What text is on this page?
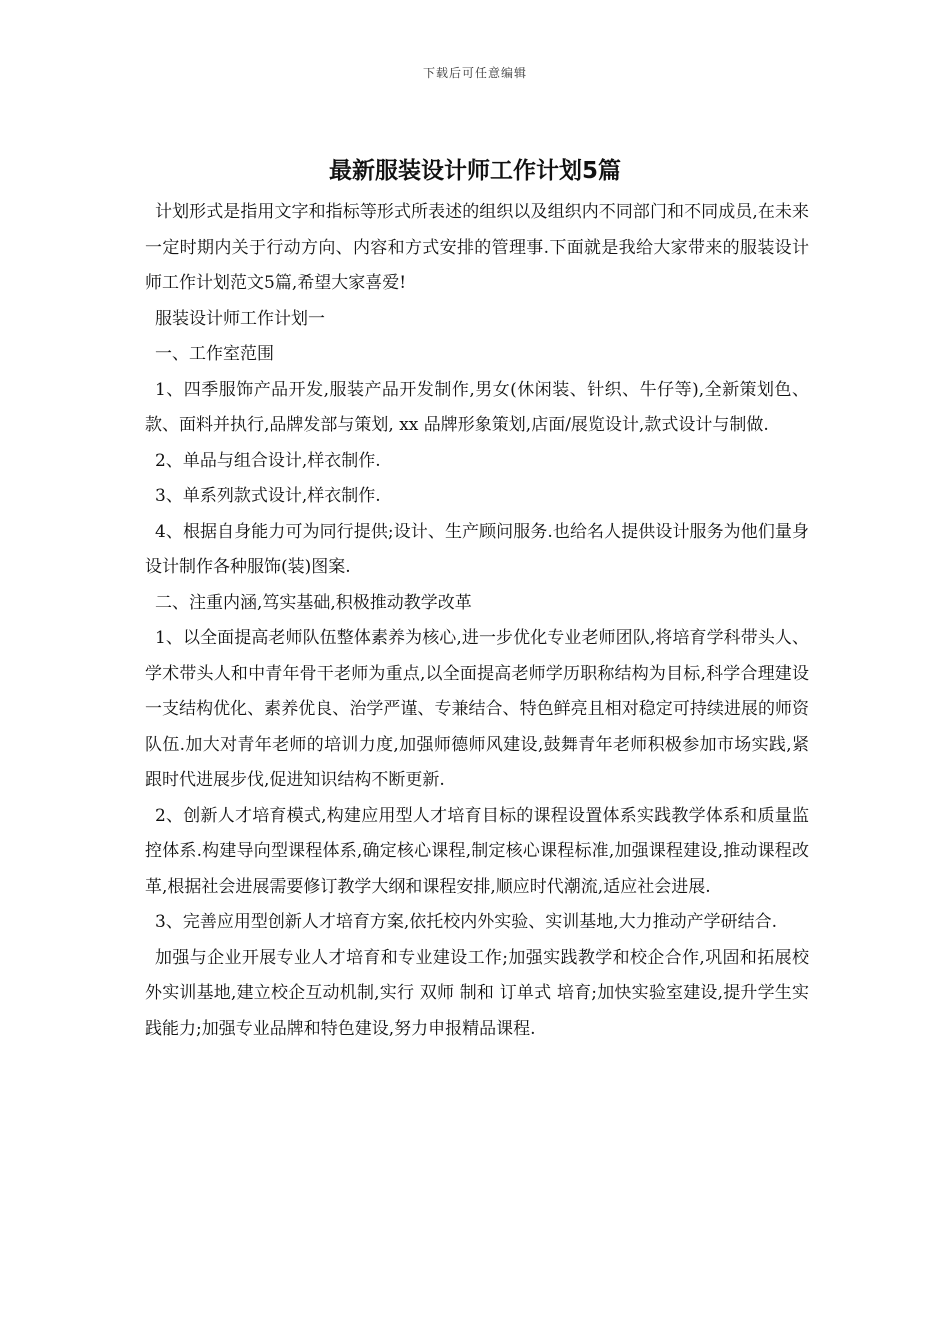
下载后可任意编辑
最新服装设计师工作计划5篇

计划形式是指用文字和指标等形式所表述的组织以及组织内不同部门和不同成员,在未来一定时期内关于行动方向、内容和方式安排的管理事.下面就是我给大家带来的服装设计师工作计划范文5篇,希望大家喜爱!

服装设计师工作计划一

一、工作室范围

1、四季服饰产品开发,服装产品开发制作,男女(休闲装、针织、牛仔等),全新策划色、款、面料并执行,品牌发部与策划, xx 品牌形象策划,店面/展览设计,款式设计与制做.

2、单品与组合设计,样衣制作.

3、单系列款式设计,样衣制作.

4、根据自身能力可为同行提供;设计、生产顾问服务.也给名人提供设计服务为他们量身设计制作各种服饰(装)图案.

二、注重内涵,笃实基础,积极推动教学改革

1、以全面提高老师队伍整体素养为核心,进一步优化专业老师团队,将培育学科带头人、学术带头人和中青年骨干老师为重点,以全面提高老师学历职称结构为目标,科学合理建设一支结构优化、素养优良、治学严谨、专兼结合、特色鲜亮且相对稳定可持续进展的师资队伍.加大对青年老师的培训力度,加强师德师风建设,鼓舞青年老师积极参加市场实践,紧跟时代进展步伐,促进知识结构不断更新.

2、创新人才培育模式,构建应用型人才培育目标的课程设置体系实践教学体系和质量监控体系.构建导向型课程体系,确定核心课程,制定核心课程标准,加强课程建设,推动课程改革,根据社会进展需要修订教学大纲和课程安排,顺应时代潮流,适应社会进展.

3、完善应用型创新人才培育方案,依托校内外实验、实训基地,大力推动产学研结合.

加强与企业开展专业人才培育和专业建设工作;加强实践教学和校企合作,巩固和拓展校外实训基地,建立校企互动机制,实行 双师 制和 订单式 培育;加快实验室建设,提升学生实践能力;加强专业品牌和特色建设,努力申报精品课程.
